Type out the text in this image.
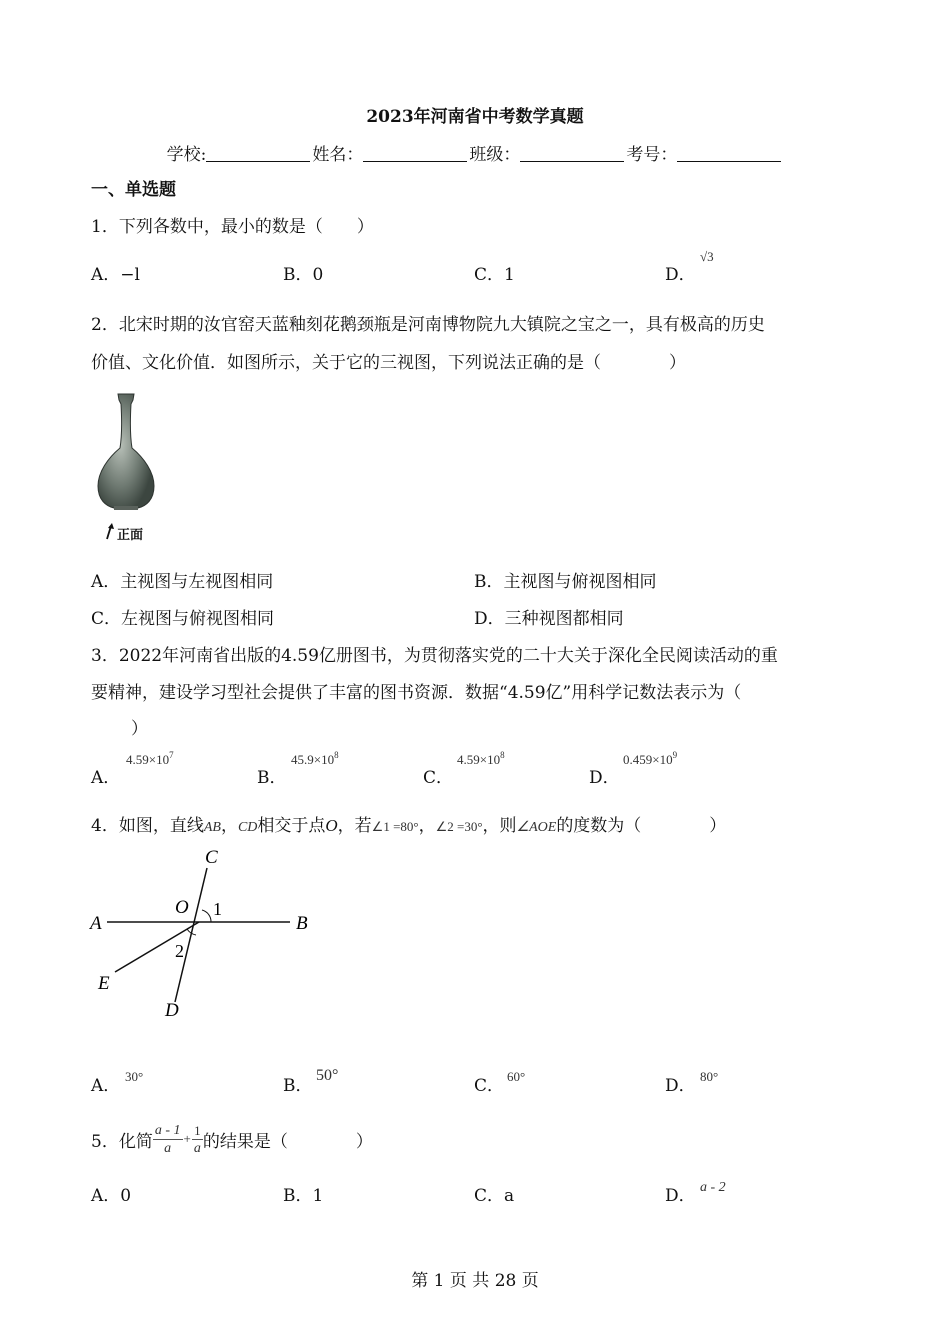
2023年河南省中考数学真题
学校:	姓名：	班级：	考号：
一、单选题
1．下列各数中，最小的数是（　　）
A．−l	B．0	C．1	D．
√3
2．北宋时期的汝官窑天蓝釉刻花鹅颈瓶是河南博物院九大镇院之宝之一，具有极高的历史
价值、文化价值．如图所示，关于它的三视图，下列说法正确的是（　　　　）
正面
A．主视图与左视图相同	B．主视图与俯视图相同
C．左视图与俯视图相同	D．三种视图都相同
3．2022年河南省出版的4.59亿册图书，为贯彻落实党的二十大关于深化全民阅读活动的重
要精神，建设学习型社会提供了丰富的图书资源．数据“4.59亿”用科学记数法表示为（
）
A．
$4.59\times 10^7$
B．
$45.9\times 10^8$
C．
$4.59\times 10^8$
D．
$0.459\times 10^9$
4．如图，直线AB，CD相交于点O，若∠1 =80°，∠2 =30°，则∠AOE的度数为（　　　　）
C
O 1
A	B
2
E
D
A． 30°	B．
50°
C． 60°	D． 80°
5．化简 $\frac{a - 1}{a} + \frac{1}{a}$ 的结果是（　　　　）
A．0	B．1	C．a	D． a - 2
第 1 页 共 28 页
